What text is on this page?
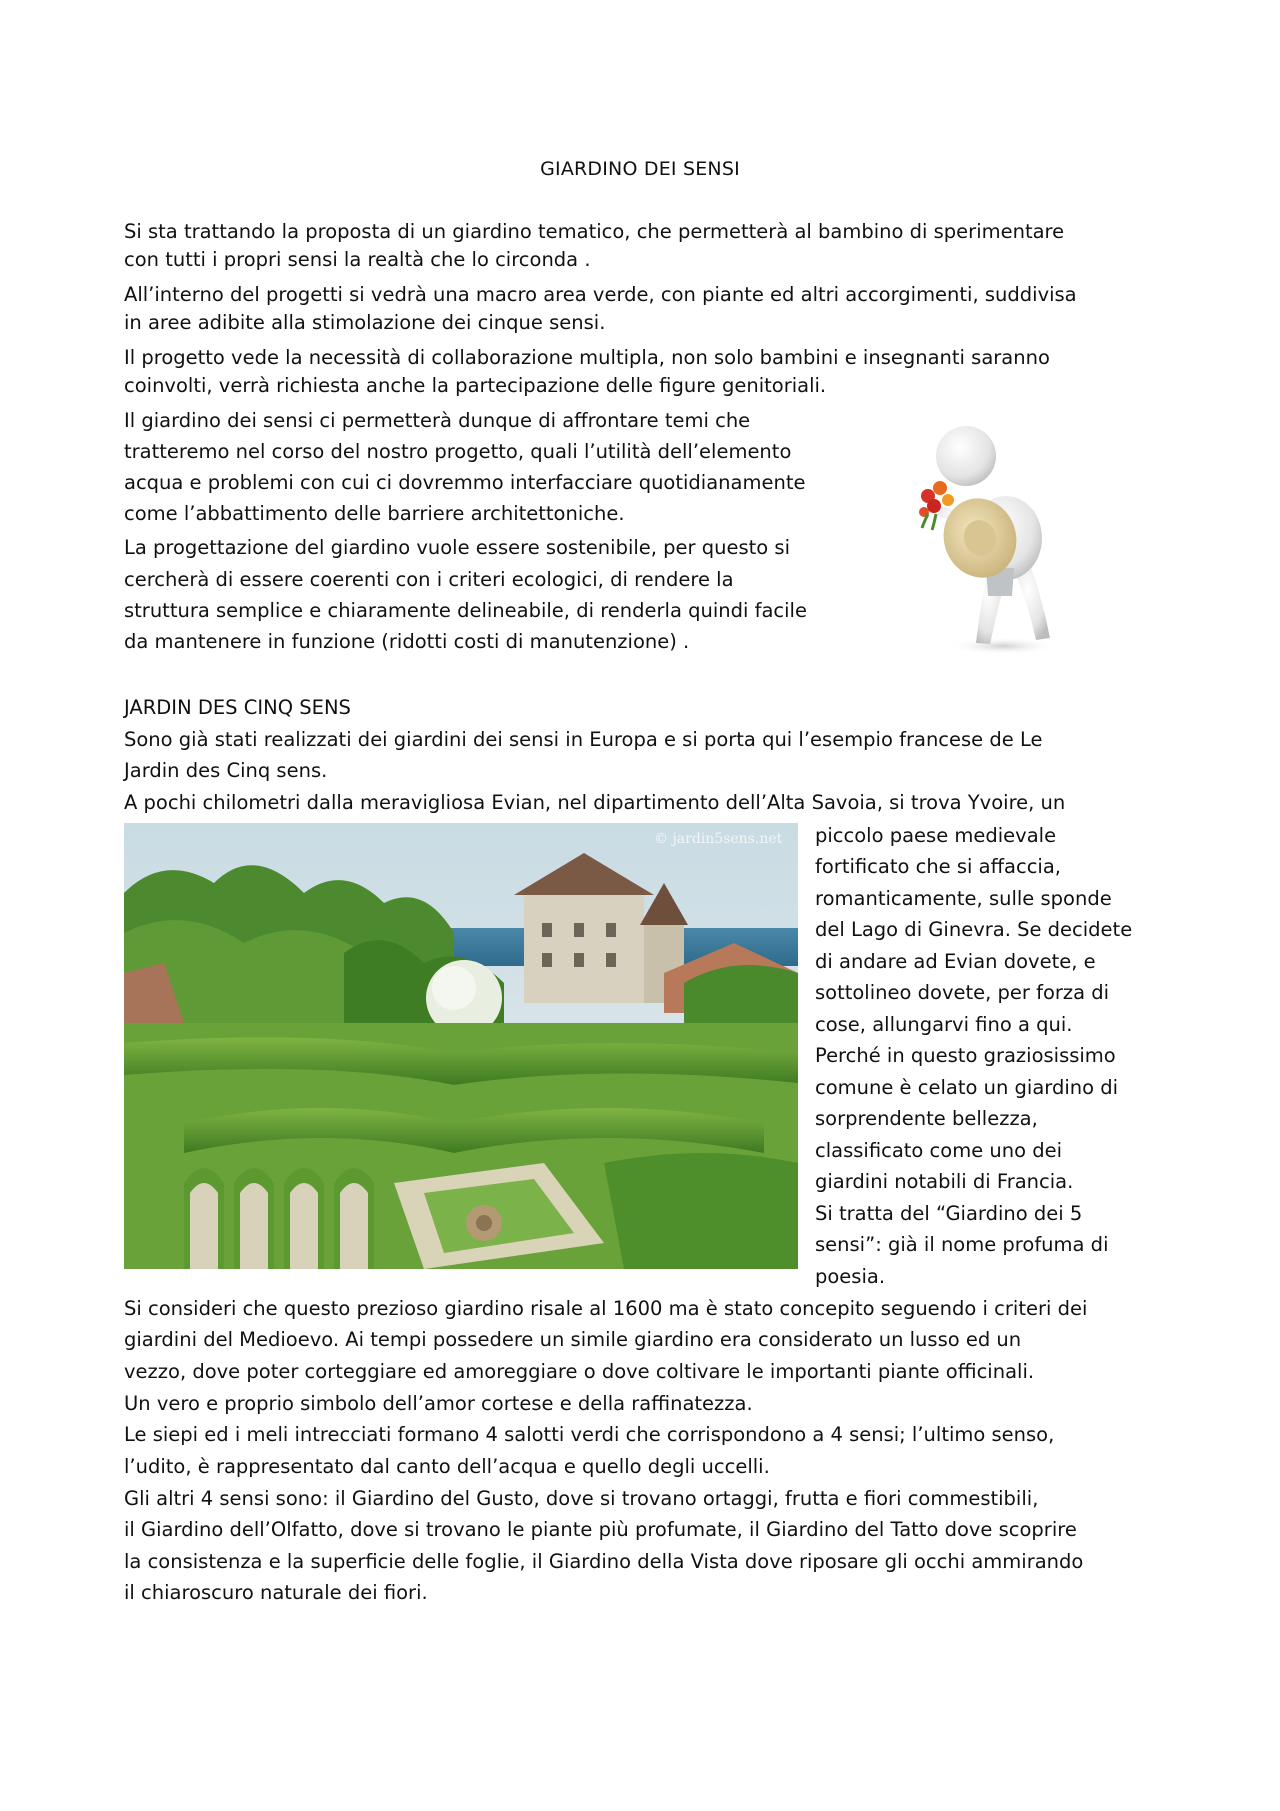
GIARDINO DEI SENSI
Si sta trattando la proposta di un giardino tematico, che permetterà al bambino di sperimentare
con tutti i propri sensi la realtà che lo circonda .
All’interno del progetti si vedrà una macro area verde, con piante ed altri accorgimenti, suddivisa
in aree adibite alla stimolazione dei cinque sensi.
Il progetto vede la necessità di collaborazione multipla, non solo bambini e insegnanti saranno
coinvolti, verrà richiesta anche la partecipazione delle figure genitoriali.
Il giardino dei sensi ci permetterà dunque di affrontare temi che
tratteremo nel corso del nostro progetto, quali l’utilità dell’elemento
acqua e problemi con cui ci dovremmo interfacciare quotidianamente
come l’abbattimento delle barriere architettoniche.
La progettazione del giardino vuole essere sostenibile, per questo si
cercherà di essere coerenti con i criteri ecologici, di rendere la
struttura semplice e chiaramente delineabile, di renderla quindi facile
da mantenere in funzione (ridotti costi di manutenzione) .
JARDIN DES CINQ SENS
Sono già stati realizzati dei giardini dei sensi in Europa e si porta qui l’esempio francese de Le
Jardin des Cinq sens.
A pochi chilometri dalla meravigliosa Evian, nel dipartimento dell’Alta Savoia, si trova Yvoire, un
© jardin5sens.net piccolo paese medievale
fortificato che si affaccia,
romanticamente, sulle sponde
del Lago di Ginevra. Se decidete
di andare ad Evian dovete, e
sottolineo dovete, per forza di
cose, allungarvi fino a qui.
Perché in questo graziosissimo
comune è celato un giardino di
sorprendente bellezza,
classificato come uno dei
giardini notabili di Francia.
Si tratta del “Giardino dei 5
sensi”: già il nome profuma di
poesia.
Si consideri che questo prezioso giardino risale al 1600 ma è stato concepito seguendo i criteri dei
giardini del Medioevo. Ai tempi possedere un simile giardino era considerato un lusso ed un
vezzo, dove poter corteggiare ed amoreggiare o dove coltivare le importanti piante officinali.
Un vero e proprio simbolo dell’amor cortese e della raffinatezza.
Le siepi ed i meli intrecciati formano 4 salotti verdi che corrispondono a 4 sensi; l’ultimo senso,
l’udito, è rappresentato dal canto dell’acqua e quello degli uccelli.
Gli altri 4 sensi sono: il Giardino del Gusto, dove si trovano ortaggi, frutta e fiori commestibili,
il Giardino dell’Olfatto, dove si trovano le piante più profumate, il Giardino del Tatto dove scoprire
la consistenza e la superficie delle foglie, il Giardino della Vista dove riposare gli occhi ammirando
il chiaroscuro naturale dei fiori.
